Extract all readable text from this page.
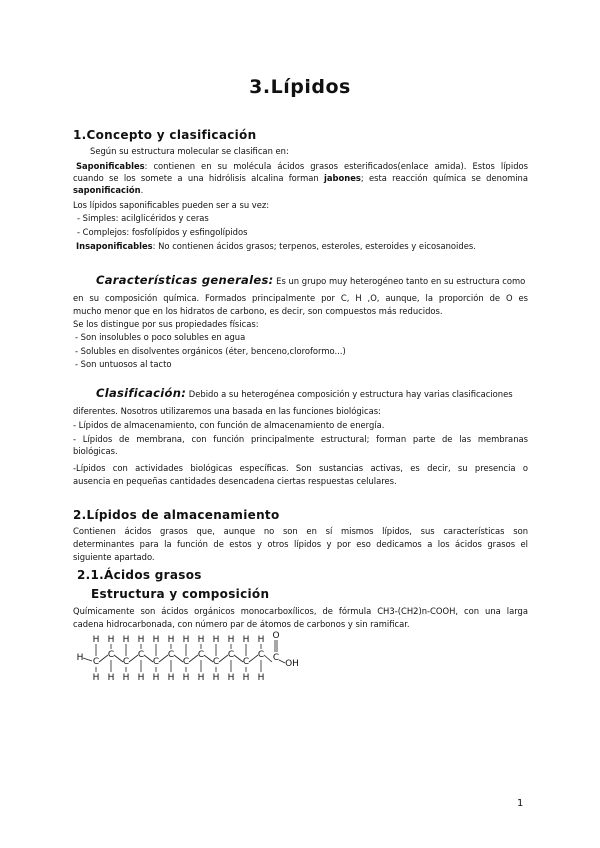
3.Lípidos
1.Concepto y clasificación
Según su estructura molecular se clasifican en:
Saponificables: contienen en su molécula ácidos grasos esterificados(enlace amida). Estos lípidos
cuando se los somete a una hidrólisis alcalina forman jabones; esta reacción química se denomina
saponificación.
Los lípidos saponificables pueden ser a su vez:
- Simples: acilglicéridos y ceras
- Complejos: fosfolípidos y esfingolípidos
Insaponificables: No contienen ácidos grasos; terpenos, esteroles, esteroides y eicosanoides.
Características generales: Es un grupo muy heterogéneo tanto en su estructura como
en su composición química. Formados principalmente por C, H ,O, aunque, la proporción de O es
mucho menor que en los hidratos de carbono, es decir, son compuestos más reducidos.
Se los distingue por sus propiedades físicas:
- Son insolubles o poco solubles en agua
- Solubles en disolventes orgánicos (éter, benceno,cloroformo...)
- Son untuosos al tacto
Clasificación: Debido a su heterogénea composición y estructura hay varias clasificaciones
diferentes. Nosotros utilizaremos una basada en las funciones biológicas:
- Lípidos de almacenamiento, con función de almacenamiento de energía.
- Lípidos de membrana, con función principalmente estructural; forman parte de las membranas
biológicas.
-Lípidos con actividades biológicas específicas. Son sustancias activas, es decir, su presencia o
ausencia en pequeñas cantidades desencadena ciertas respuestas celulares.
2.Lípidos de almacenamiento
Contienen ácidos grasos que, aunque no son en sí mismos lípidos, sus características son
determinantes para la función de estos y otros lípidos y por eso dedicamos a los ácidos grasos el
siguiente apartado.
2.1.Ácidos grasos
Estructura y composición
Químicamente son ácidos orgánicos monocarboxílicos, de fórmula CH3-(CH2)n-COOH, con una larga
cadena hidrocarbonada, con número par de átomos de carbonos y sin ramificar.
H C
H
H
C
H
H
C
H
H
C
H
H
C
H
H
C
H
H
C
H
H
C
H
H
C
H
H
C
H
H
C
H
H
C
H
H
C
O
OH
1
